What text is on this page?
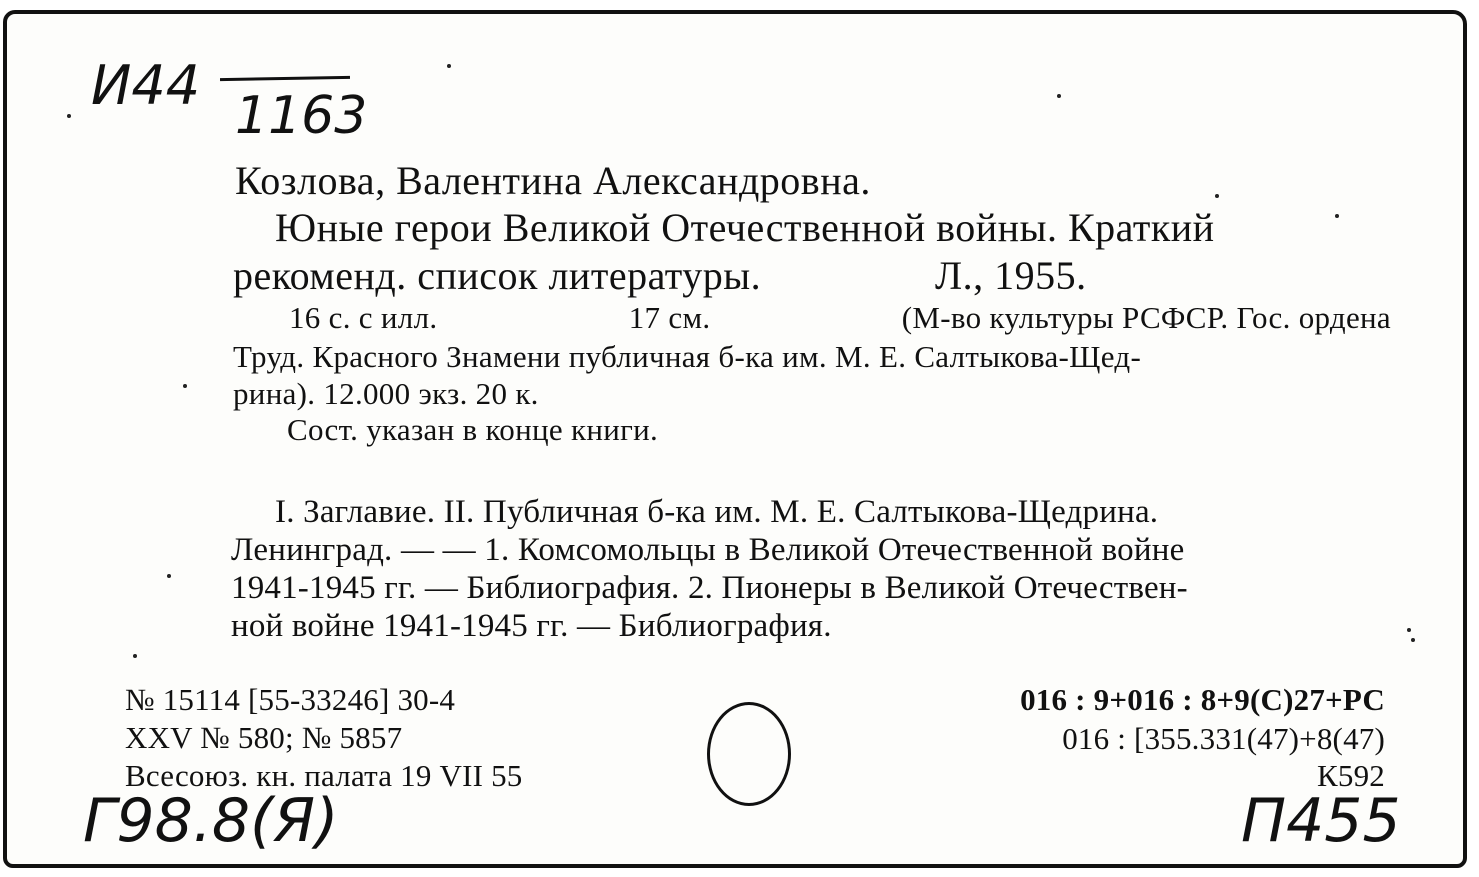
И44 1163
Козлова, Валентина Александровна.
Юные герои Великой Отечественной войны. Краткий
рекоменд. список литературы.	Л., 1955.
16 с. с илл.	17 см.	(М-во культуры РСФСР. Гос. ордена
Труд. Красного Знамени публичная б-ка им. М. Е. Салтыкова-Щед-
рина). 12.000 экз. 20 к.
Сост. указан в конце книги.
I. Заглавие. II. Публичная б-ка им. М. Е. Салтыкова-Щедрина.
Ленинград. — — 1. Комсомольцы в Великой Отечественной войне
1941-1945 гг. — Библиография. 2. Пионеры в Великой Отечествен-
ной войне 1941-1945 гг. — Библиография.
№ 15114 [55-33246] 30-4
XXV № 580; № 5857
Всесоюз. кн. палата 19 VII 55
016 : 9+016 : 8+9(С)27+РС
016 : [355.331(47)+8(47)
К592
Г98.8(Я)	П455
